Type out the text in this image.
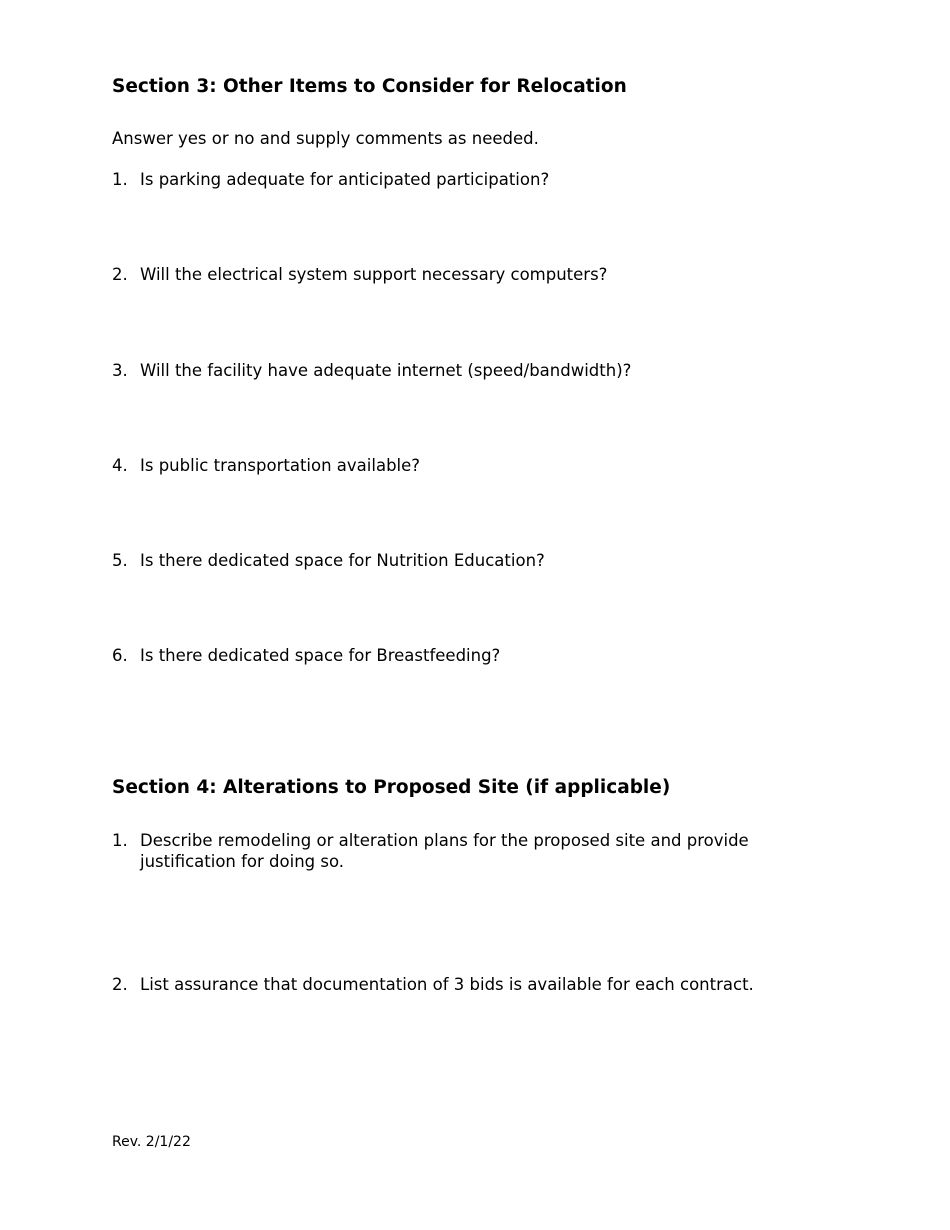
Section 3: Other Items to Consider for Relocation

Answer yes or no and supply comments as needed.

1. Is parking adequate for anticipated participation?
2. Will the electrical system support necessary computers?
3. Will the facility have adequate internet (speed/bandwidth)?
4. Is public transportation available?
5. Is there dedicated space for Nutrition Education?
6. Is there dedicated space for Breastfeeding?
Section 4: Alterations to Proposed Site (if applicable)
1. Describe remodeling or alteration plans for the proposed site and provide justification for doing so.
2. List assurance that documentation of 3 bids is available for each contract.

Rev. 2/1/22
